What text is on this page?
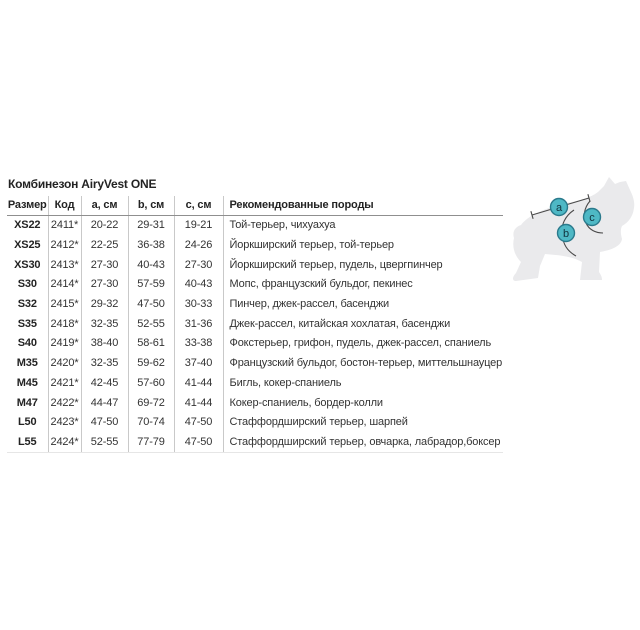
Комбинезон AiryVest ONE
Размер	Код	a, см	b, см	c, см	Рекомендованные породы
XS22	2411*	20-22	29-31	19-21	Той-терьер, чихуахуа
XS25	2412*	22-25	36-38	24-26	Йоркширский терьер, той-терьер
XS30	2413*	27-30	40-43	27-30	Йоркширский терьер, пудель, цвергпинчер
S30	2414*	27-30	57-59	40-43	Мопс, французский бульдог, пекинес
S32	2415*	29-32	47-50	30-33	Пинчер, джек-рассел, басенджи
S35	2418*	32-35	52-55	31-36	Джек-рассел, китайская хохлатая, басенджи
S40	2419*	38-40	58-61	33-38	Фокстерьер, грифон, пудель, джек-рассел, спаниель
M35	2420*	32-35	59-62	37-40	Французский бульдог, бостон-терьер, миттельшнауцер
M45	2421*	42-45	57-60	41-44	Бигль, кокер-спаниель
M47	2422*	44-47	69-72	41-44	Кокер-спаниель, бордер-колли
L50	2423*	47-50	70-74	47-50	Стаффордширский терьер, шарпей
L55	2424*	52-55	77-79	47-50	Стаффордширский терьер, овчарка, лабрадор,боксер
a
b
c
